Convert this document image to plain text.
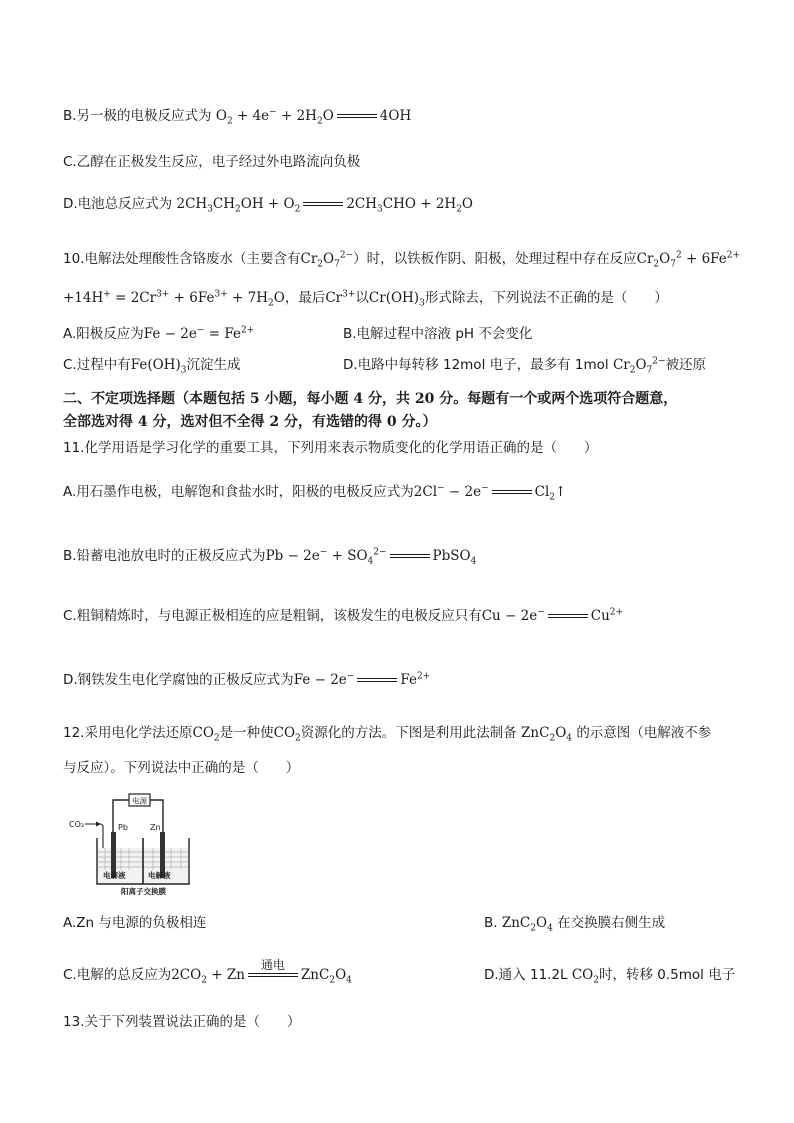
B.另一极的电极反应式为 $O_2 + 4e^- + 2H_2O$	4OH
C.乙醇在正极发生反应，电子经过外电路流向负极
D.电池总反应式为 $2CH_3CH_2OH + O_2$	$2CH_3CHO + 2H_2O$
10.电解法处理酸性含铬废水（主要含有$Cr_2O_7^{2-}$）时，以铁板作阴、阳极，处理过程中存在反应$Cr_2O_7^2 + 6Fe^{2+}$
$+14H^+ = 2Cr^{3+} + 6Fe^{3+} + 7H_2O$，最后$Cr^{3+}$以$Cr(OH)_3$形式除去，下列说法不正确的是（　　）
A.阳极反应为$Fe - 2e^- = Fe^{2+}$	B.电解过程中溶液 pH 不会变化
C.过程中有$Fe(OH)_3$沉淀生成	D.电路中每转移 12mol 电子，最多有 1mol $Cr_2O_7^{2-}$被还原
二、不定项选择题（本题包括 5 小题，每小题 4 分，共 20 分。每题有一个或两个选项符合题意，
全部选对得 4 分，选对但不全得 2 分，有选错的得 0 分。）
11.化学用语是学习化学的重要工具，下列用来表示物质变化的化学用语正确的是（　　）
A.用石墨作电极，电解饱和食盐水时，阳极的电极反应式为2Cl− − 2e−	$Cl_2↑$
B.铅蓄电池放电时的正极反应式为$Pb - 2e^- + SO_4^{2-}$	PbSO$_4$
C.粗铜精炼时，与电源正极相连的应是粗铜，该极发生的电极反应只有Cu − 2e−	$Cu^{2+}$
D.钢铁发生电化学腐蚀的正极反应式为Fe − 2e−	$Fe^{2+}$
12.采用电化学法还原$CO_2$是一种使$CO_2$资源化的方法。下图是利用此法制备 $ZnC_2O_4$ 的示意图（电解液不参
与反应）。下列说法中正确的是（　　）
电源
CO₂	Pb	Zn
电解液	电解液
阳离子交换膜
A.Zn 与电源的负极相连	B. $ZnC_2O_4$ 在交换膜右侧生成
C.电解的总反应为$2CO_2 + Zn$
通电
$ZnC_2O_4$	D.通入 11.2L $CO_2$时，转移 0.5mol 电子
13.关于下列装置说法正确的是（　　）
